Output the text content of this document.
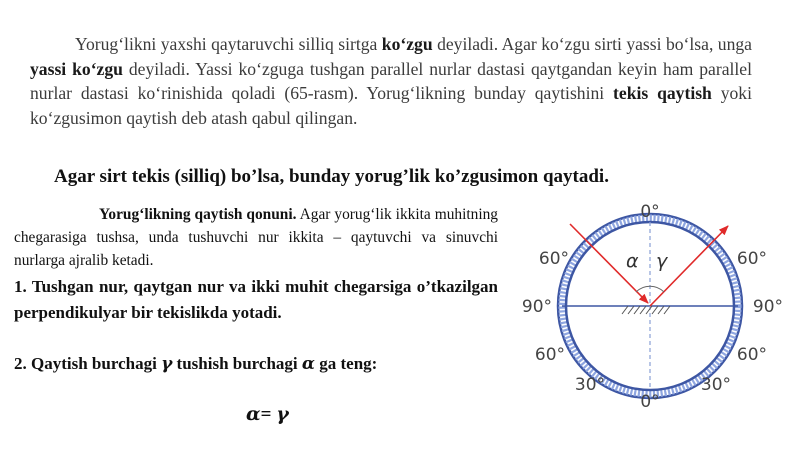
Yorug‘likni yaxshi qaytaruvchi silliq sirtga ko‘zgu deyiladi. Agar ko‘zgu sirti yassi bo‘lsa, unga yassi ko‘zgu deyiladi. Yassi ko‘zguga tushgan parallel nurlar dastasi qaytgandan keyin ham parallel nurlar dastasi ko‘rinishida qoladi (65-rasm). Yorug‘likning bunday qaytishini tekis qaytish yoki ko‘zgusimon qaytish deb atash qabul qilingan.

Agar sirt tekis (silliq) bo’lsa, bunday yorug’lik ko’zgusimon qaytadi.

Yorug‘likning qaytish qonuni. Agar yorug‘lik ikkita muhitning chegarasiga tushsa, unda tushuvchi nur ikkita – qaytuvchi va sinuvchi nurlarga ajralib ketadi.

1. Tushgan nur, qaytgan nur va ikki muhit chegarsiga o’tkazilgan perpendikulyar bir tekislikda yotadi.

2. Qaytish burchagi γ tushish burchagi α ga teng:

α= γ

α γ
0°
0°
60°	60°
90°	90°
60°	60°
30°	30°
